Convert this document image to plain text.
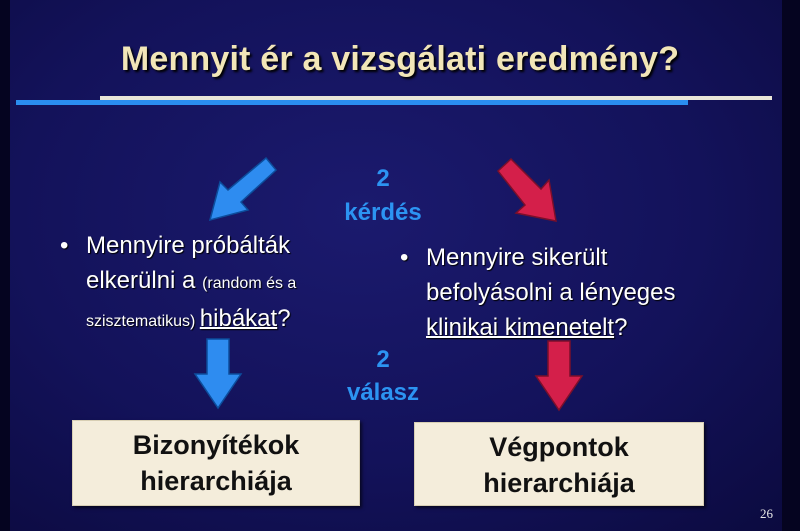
Mennyit ér a vizsgálati eredmény?
2
kérdés
2
válasz
• Mennyire próbálták
elkerülni a (random és a
szisztematikus) hibákat?
• Mennyire sikerült
befolyásolni a lényeges
klinikai kimenetelt?
Bizonyítékok
hierarchiája
Végpontok
hierarchiája
26
